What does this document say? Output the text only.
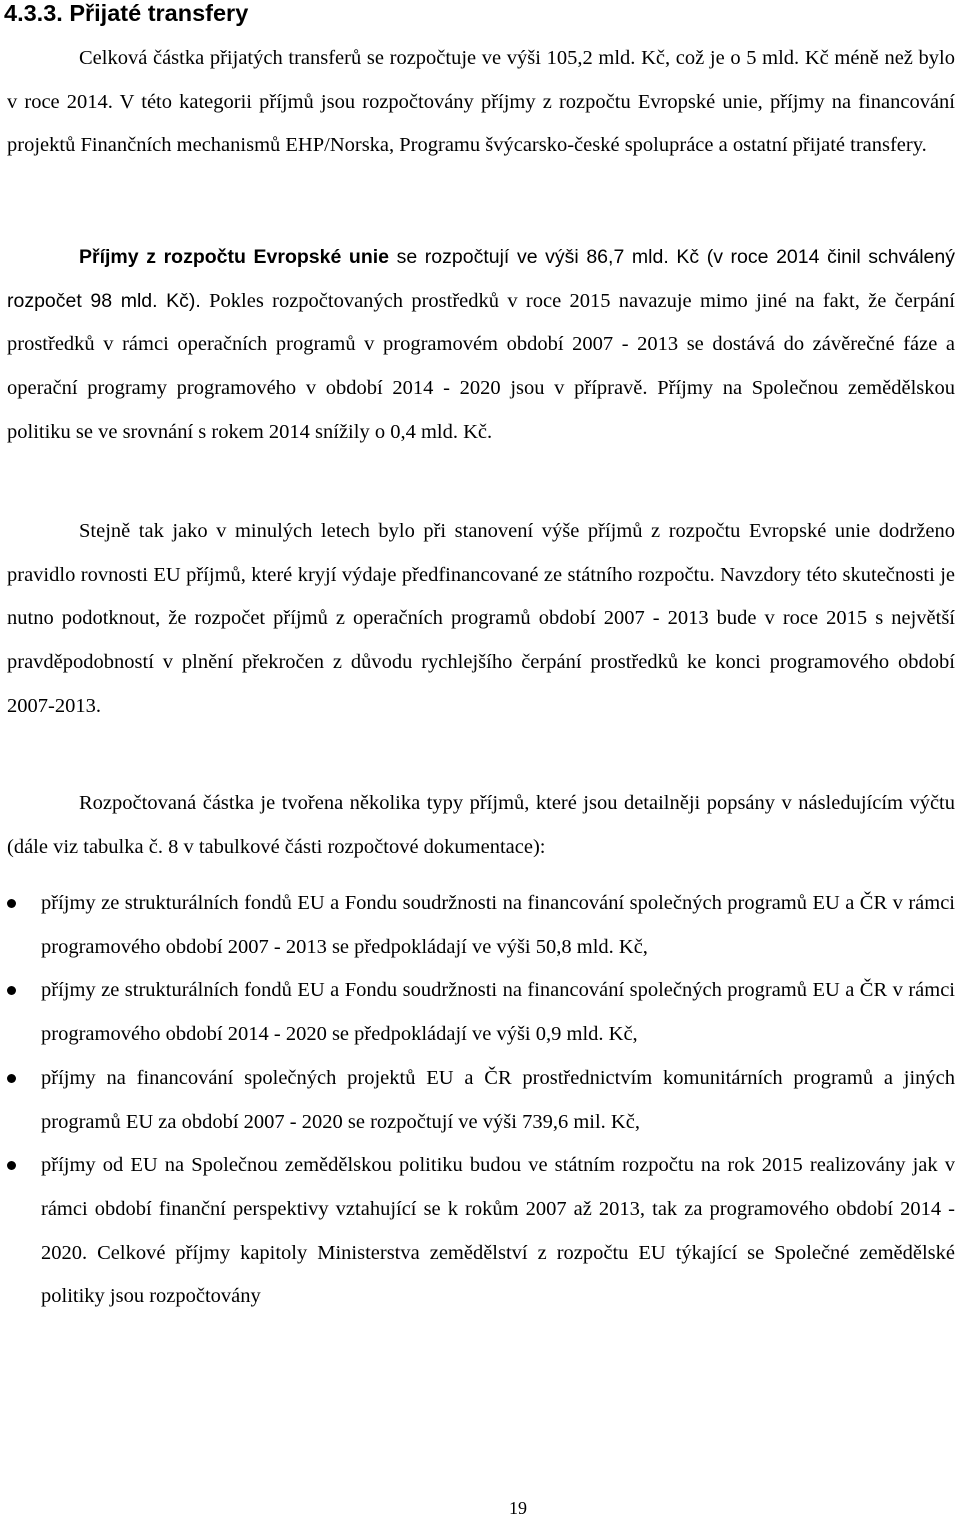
4.3.3. Přijaté transfery

Celková částka přijatých transferů se rozpočtuje ve výši 105,2 mld. Kč, což je o 5 mld. Kč méně než bylo v roce 2014. V této kategorii příjmů jsou rozpočtovány příjmy z rozpočtu Evropské unie, příjmy na financování projektů Finančních mechanismů EHP/Norska, Programu švýcarsko-české spolupráce a ostatní přijaté transfery.

Příjmy z rozpočtu Evropské unie se rozpočtují ve výši 86,7 mld. Kč (v roce 2014 činil schválený rozpočet 98 mld. Kč). Pokles rozpočtovaných prostředků v roce 2015 navazuje mimo jiné na fakt, že čerpání prostředků v rámci operačních programů v programovém období 2007 - 2013 se dostává do závěrečné fáze a operační programy programového v období 2014 - 2020 jsou v přípravě. Příjmy na Společnou zemědělskou politiku se ve srovnání s rokem 2014 snížily o 0,4 mld. Kč.

Stejně tak jako v minulých letech bylo při stanovení výše příjmů z rozpočtu Evropské unie dodrženo pravidlo rovnosti EU příjmů, které kryjí výdaje předfinancované ze státního rozpočtu. Navzdory této skutečnosti je nutno podotknout, že rozpočet příjmů z operačních programů období 2007 - 2013 bude v roce 2015 s největší pravděpodobností v plnění překročen z důvodu rychlejšího čerpání prostředků ke konci programového období 2007-2013.

Rozpočtovaná částka je tvořena několika typy příjmů, které jsou detailněji popsány v následujícím výčtu (dále viz tabulka č. 8 v tabulkové části rozpočtové dokumentace):

příjmy ze strukturálních fondů EU a Fondu soudržnosti na financování společných programů EU a ČR v rámci programového období 2007 - 2013 se předpokládají ve výši 50,8 mld. Kč,
příjmy ze strukturálních fondů EU a Fondu soudržnosti na financování společných programů EU a ČR v rámci programového období 2014 - 2020 se předpokládají ve výši 0,9 mld. Kč,
příjmy na financování společných projektů EU a ČR prostřednictvím komunitárních programů a jiných programů EU za období 2007 - 2020 se rozpočtují ve výši 739,6 mil. Kč,
příjmy od EU na Společnou zemědělskou politiku budou ve státním rozpočtu na rok 2015 realizovány jak v rámci období finanční perspektivy vztahující se k rokům 2007 až 2013, tak za programového období 2014 - 2020. Celkové příjmy kapitoly Ministerstva zemědělství z rozpočtu EU týkající se Společné zemědělské politiky jsou rozpočtovány
19
